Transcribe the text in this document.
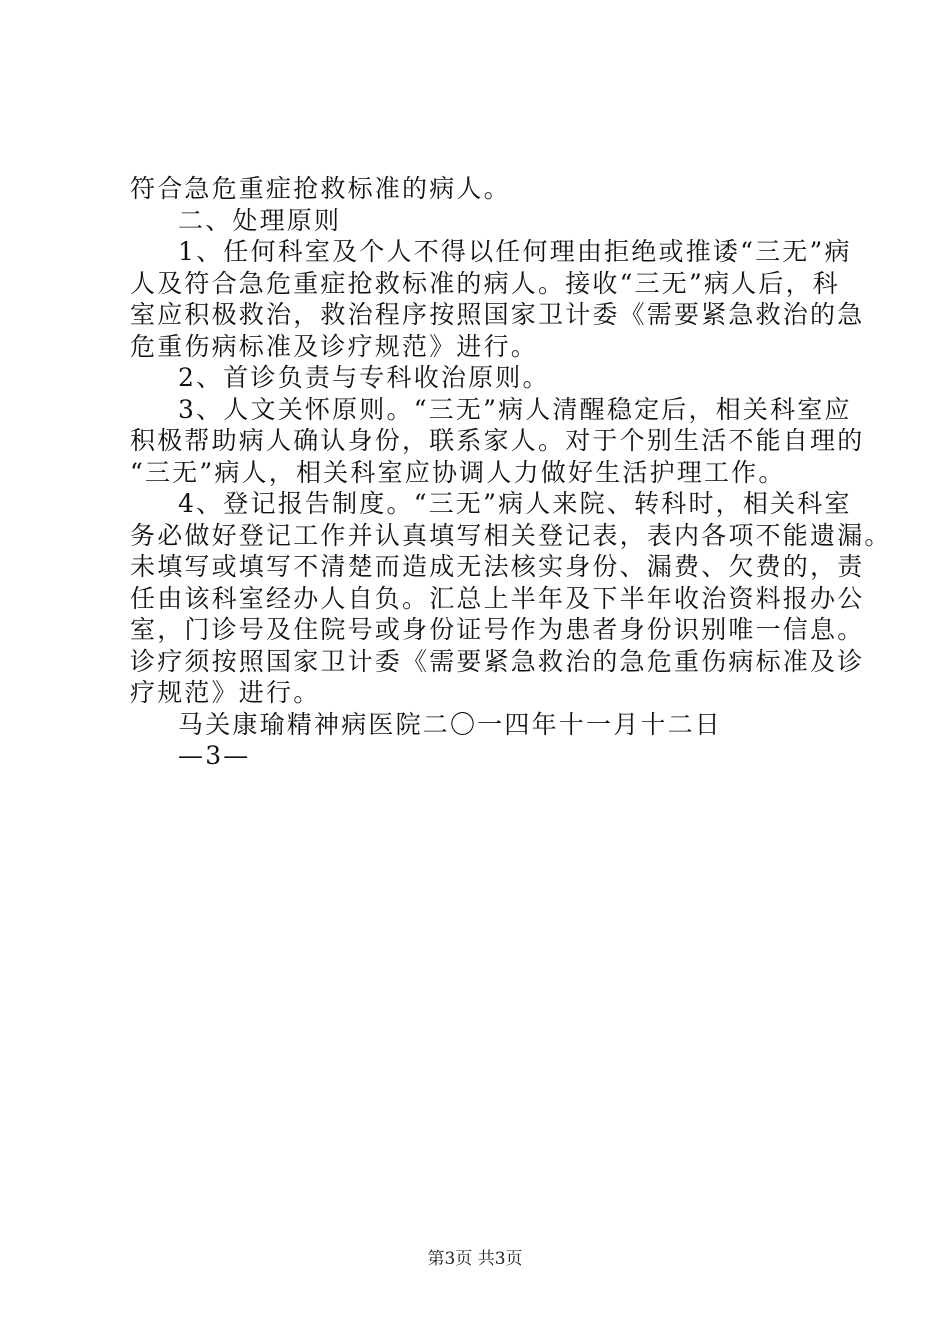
符合急危重症抢救标准的病人。
二、处理原则
1、任何科室及个人不得以任何理由拒绝或推诿“三无”病
人及符合急危重症抢救标准的病人。接收“三无”病人后，科
室应积极救治，救治程序按照国家卫计委《需要紧急救治的急
危重伤病标准及诊疗规范》进行。
2、首诊负责与专科收治原则。
3、人文关怀原则。“三无”病人清醒稳定后，相关科室应
积极帮助病人确认身份，联系家人。对于个别生活不能自理的
“三无”病人，相关科室应协调人力做好生活护理工作。
4、登记报告制度。“三无”病人来院、转科时，相关科室
务必做好登记工作并认真填写相关登记表，表内各项不能遗漏。
未填写或填写不清楚而造成无法核实身份、漏费、欠费的，责
任由该科室经办人自负。汇总上半年及下半年收治资料报办公
室，门诊号及住院号或身份证号作为患者身份识别唯一信息。
诊疗须按照国家卫计委《需要紧急救治的急危重伤病标准及诊
疗规范》进行。
马关康瑜精神病医院二〇一四年十一月十二日
—3—
第3页 共3页
